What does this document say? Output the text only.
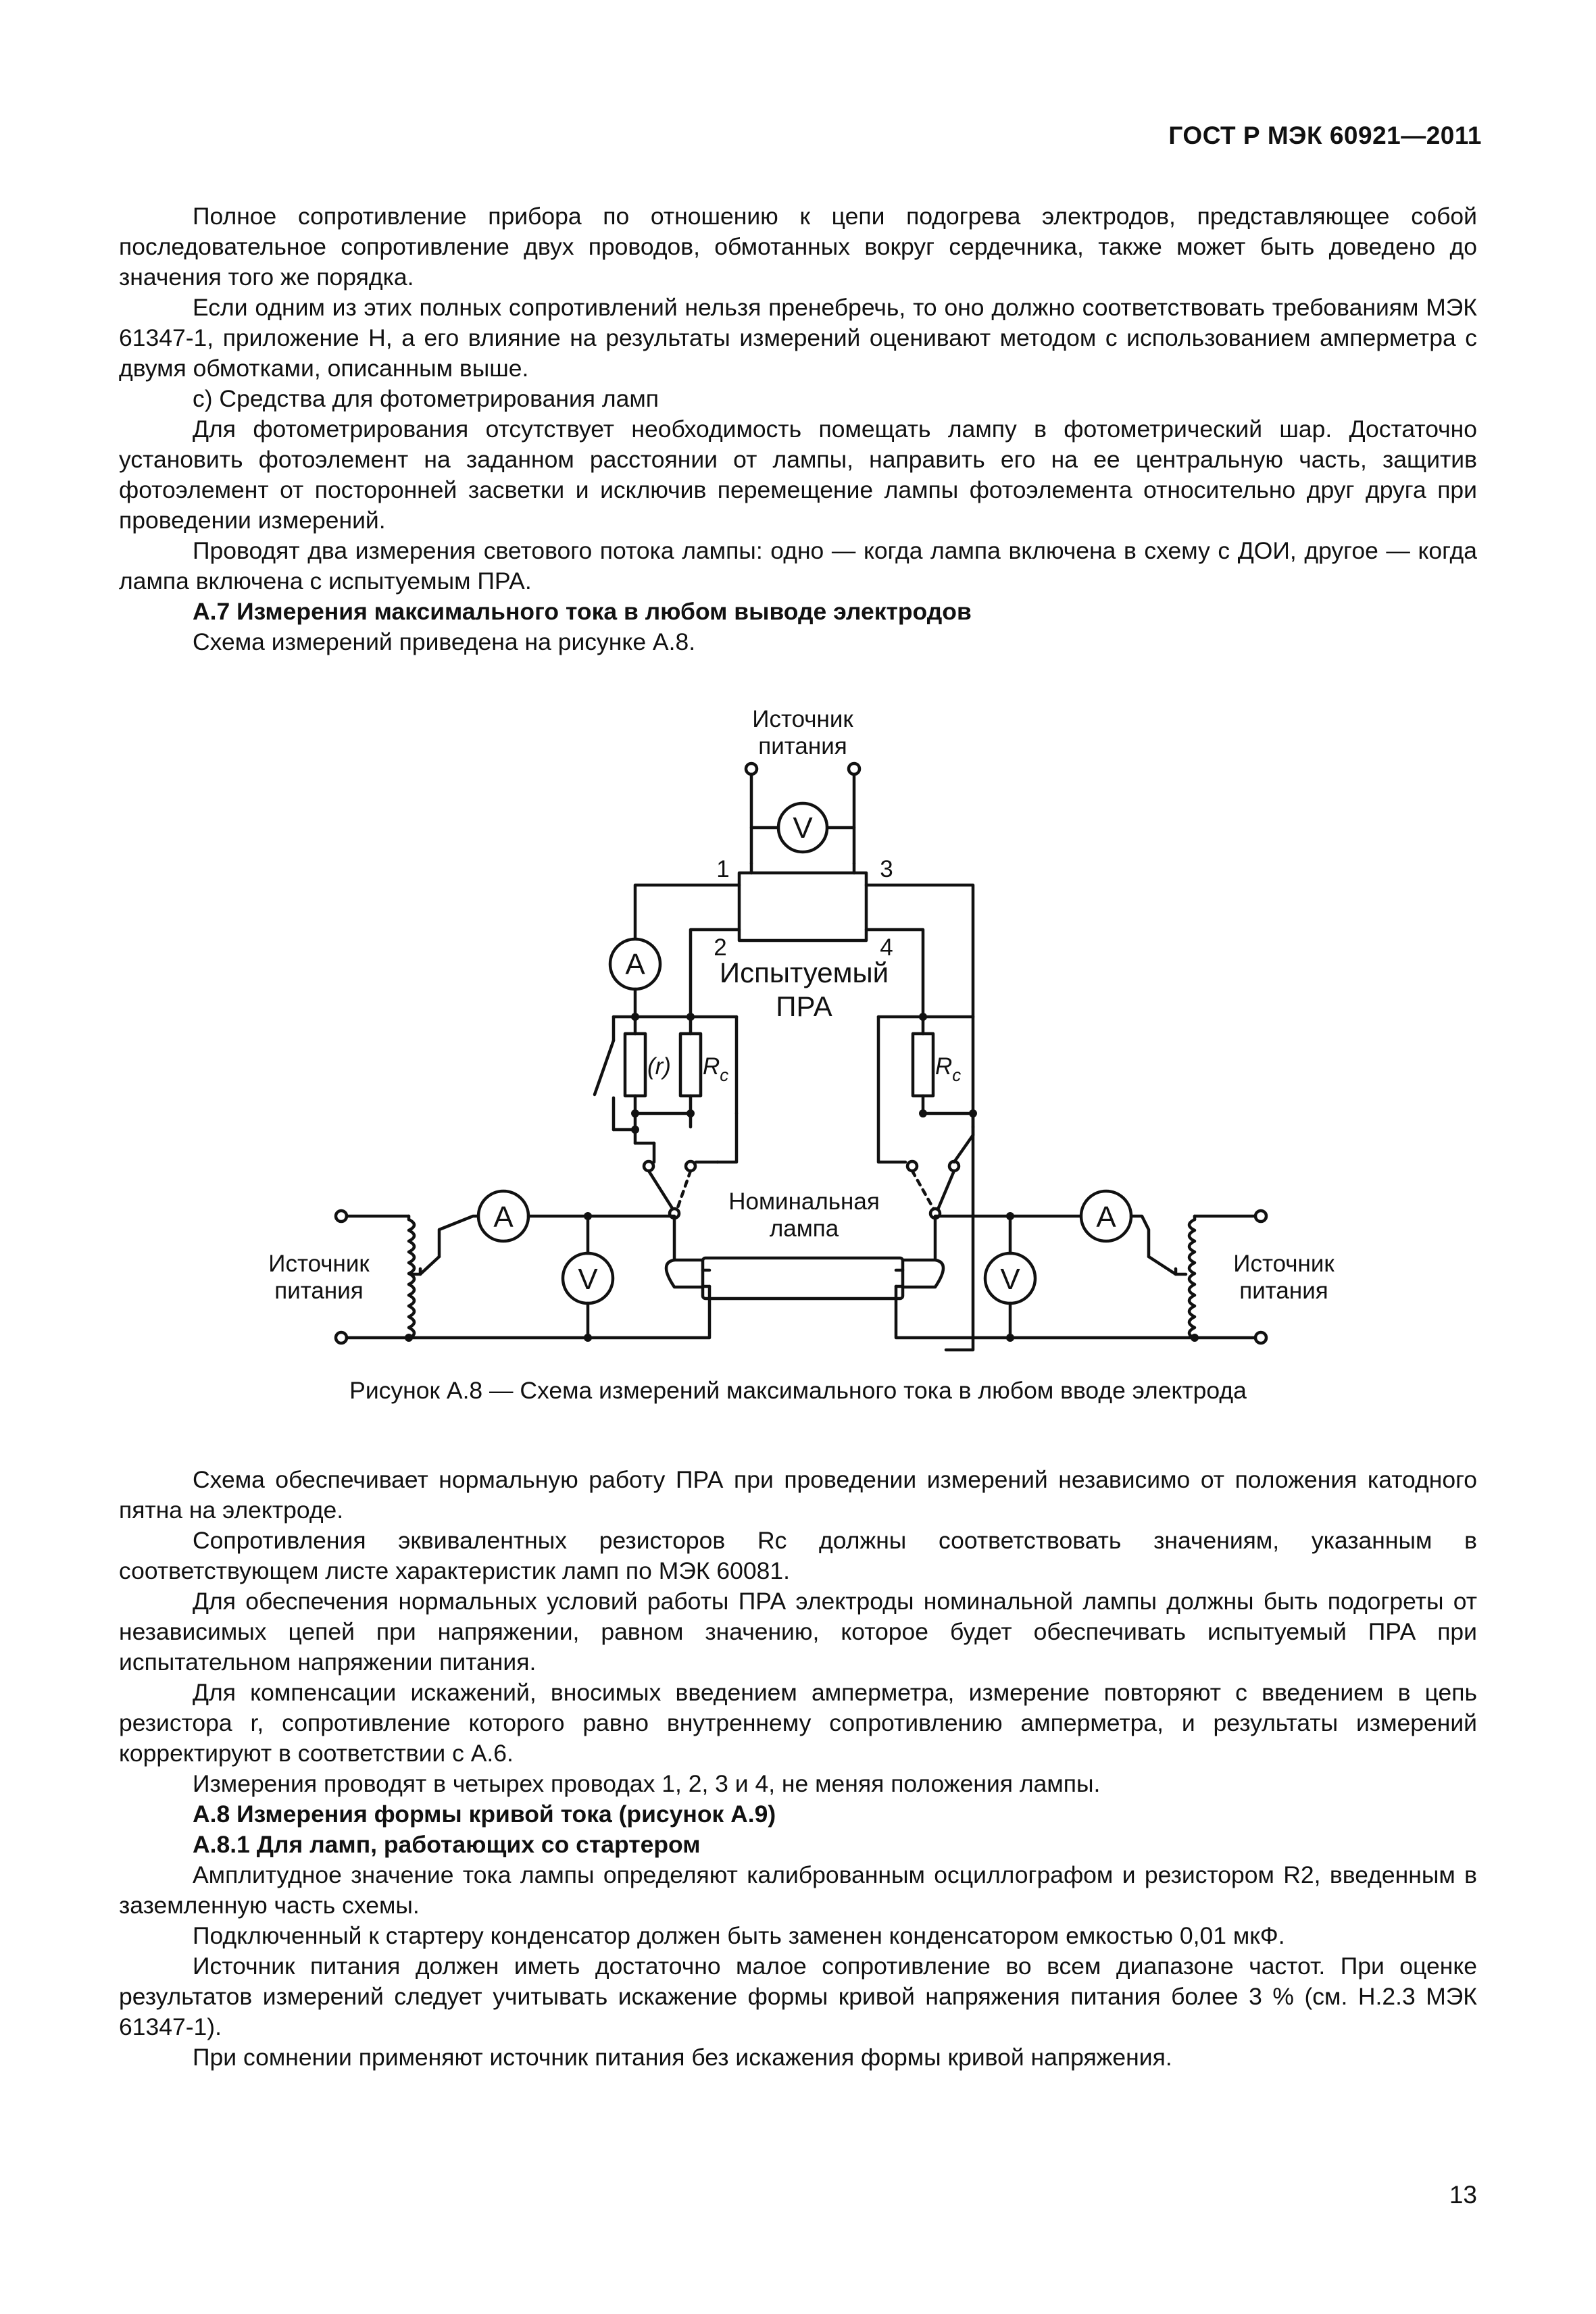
ГОСТ Р МЭК 60921—2011

Полное сопротивление прибора по отношению к цепи подогрева электродов, представляющее собой последовательное сопротивление двух проводов, обмотанных вокруг сердечника, также может быть доведено до значения того же порядка.

Если одним из этих полных сопротивлений нельзя пренебречь, то оно должно соответствовать требованиям МЭК 61347-1, приложение Н, а его влияние на результаты измерений оценивают методом с использованием амперметра с двумя обмотками, описанным выше.

c) Средства для фотометрирования ламп

Для фотометрирования отсутствует необходимость помещать лампу в фотометрический шар. Достаточно установить фотоэлемент на заданном расстоянии от лампы, направить его на ее центральную часть, защитив фотоэлемент от посторонней засветки и исключив перемещение лампы фотоэлемента относительно друг друга при проведении измерений.

Проводят два измерения светового потока лампы: одно — когда лампа включена в схему с ДОИ, другое — когда лампа включена с испытуемым ПРА.

А.7 Измерения максимального тока в любом выводе электродов

Схема измерений приведена на рисунке А.8.

Источник
питания
V
1	3
2	4
Испытуемый
ПРА
A
(r) $R_c$	$R_c$
Номинальная
лампа
A
V
A
V
Источник
питания
Источник
питания
Рисунок А.8 — Схема измерений максимального тока в любом вводе электрода

Схема обеспечивает нормальную работу ПРА при проведении измерений независимо от положения катодного пятна на электроде.

Сопротивления эквивалентных резисторов Rc должны соответствовать значениям, указанным в соответствующем листе характеристик ламп по МЭК 60081.

Для обеспечения нормальных условий работы ПРА электроды номинальной лампы должны быть подогреты от независимых цепей при напряжении, равном значению, которое будет обеспечивать испытуемый ПРА при испытательном напряжении питания.

Для компенсации искажений, вносимых введением амперметра, измерение повторяют с введением в цепь резистора r, сопротивление которого равно внутреннему сопротивлению амперметра, и результаты измерений корректируют в соответствии с А.6.

Измерения проводят в четырех проводах 1, 2, 3 и 4, не меняя положения лампы.

А.8 Измерения формы кривой тока (рисунок А.9)

А.8.1 Для ламп, работающих со стартером

Амплитудное значение тока лампы определяют калиброванным осциллографом и резистором R2, введенным в заземленную часть схемы.

Подключенный к стартеру конденсатор должен быть заменен конденсатором емкостью 0,01 мкФ.

Источник питания должен иметь достаточно малое сопротивление во всем диапазоне частот. При оценке результатов измерений следует учитывать искажение формы кривой напряжения питания более 3 % (см. Н.2.3 МЭК 61347-1).

При сомнении применяют источник питания без искажения формы кривой напряжения.

13
